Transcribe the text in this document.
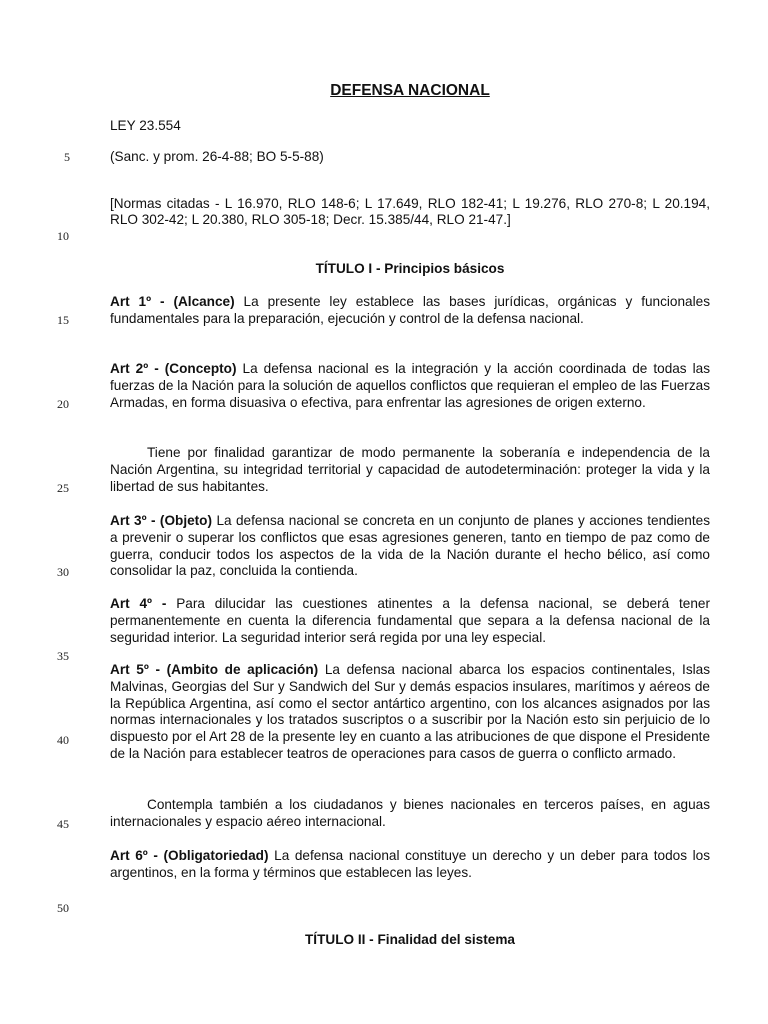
5
10
15
20
25
30
35
40
45
50
DEFENSA NACIONAL
LEY 23.554
(Sanc. y prom. 26-4-88; BO 5-5-88)
[Normas citadas - L 16.970, RLO 148-6; L 17.649, RLO 182-41; L 19.276, RLO 270-8; L 20.194, RLO 302-42; L 20.380, RLO 305-18; Decr. 15.385/44, RLO 21-47.]
TÍTULO I - Principios básicos
Art 1º - (Alcance) La presente ley establece las bases jurídicas, orgánicas y funcionales fundamentales para la preparación, ejecución y control de la defensa nacional.
Art 2º - (Concepto) La defensa nacional es la integración y la acción coordinada de todas las fuerzas de la Nación para la solución de aquellos conflictos que requieran el empleo de las Fuerzas Armadas, en forma disuasiva o efectiva, para enfrentar las agresiones de origen externo.
Tiene por finalidad garantizar de modo permanente la soberanía e independencia de la Nación Argentina, su integridad territorial y capacidad de autodeterminación: proteger la vida y la libertad de sus habitantes.
Art 3º - (Objeto) La defensa nacional se concreta en un conjunto de planes y acciones tendientes a prevenir o superar los conflictos que esas agresiones generen, tanto en tiempo de paz como de guerra, conducir todos los aspectos de la vida de la Nación durante el hecho bélico, así como consolidar la paz, concluida la contienda.
Art 4º - Para dilucidar las cuestiones atinentes a la defensa nacional, se deberá tener permanentemente en cuenta la diferencia fundamental que separa a la defensa nacional de la seguridad interior. La seguridad interior será regida por una ley especial.
Art 5º - (Ambito de aplicación) La defensa nacional abarca los espacios continentales, Islas Malvinas, Georgias del Sur y Sandwich del Sur y demás espacios insulares, marítimos y aéreos de la República Argentina, así como el sector antártico argentino, con los alcances asignados por las normas internacionales y los tratados suscriptos o a suscribir por la Nación esto sin perjuicio de lo dispuesto por el Art 28 de la presente ley en cuanto a las atribuciones de que dispone el Presidente de la Nación para establecer teatros de operaciones para casos de guerra o conflicto armado.
Contempla también a los ciudadanos y bienes nacionales en terceros países, en aguas internacionales y espacio aéreo internacional.
Art 6º - (Obligatoriedad) La defensa nacional constituye un derecho y un deber para todos los argentinos, en la forma y términos que establecen las leyes.
TÍTULO II - Finalidad del sistema
